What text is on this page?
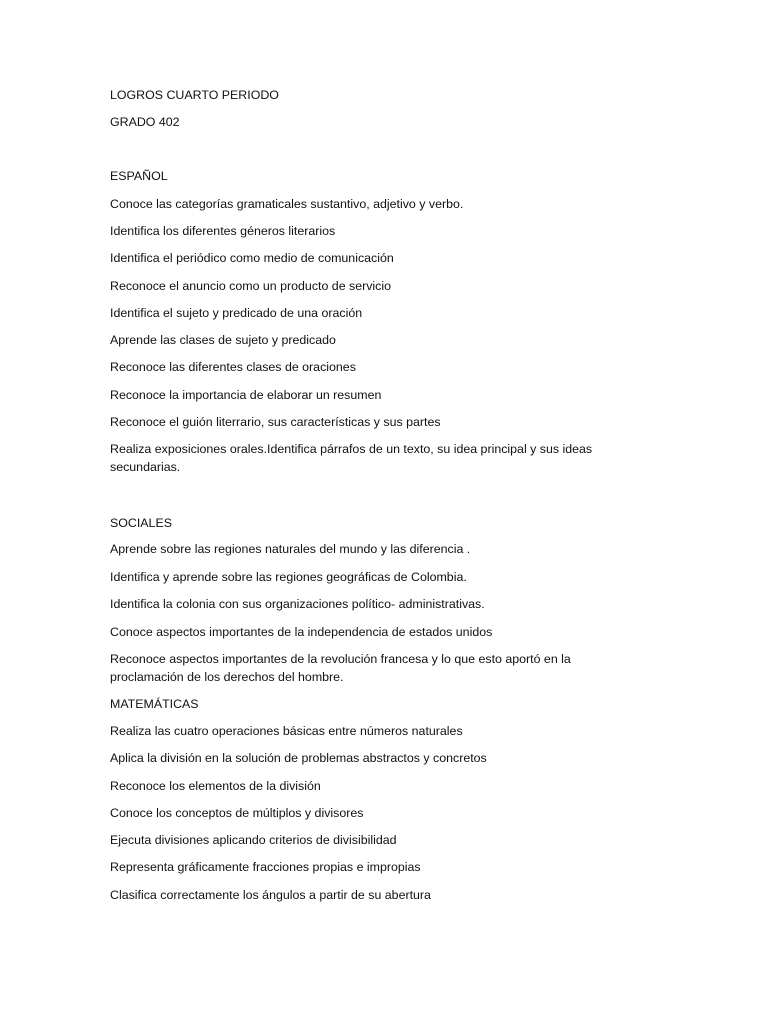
LOGROS CUARTO PERIODO
GRADO 402
ESPAÑOL
Conoce las categorías gramaticales sustantivo, adjetivo y verbo.
Identifica los diferentes géneros literarios
Identifica el periódico como medio de comunicación
Reconoce el anuncio como un producto de servicio
Identifica el sujeto y predicado de una oración
Aprende las clases de sujeto y predicado
Reconoce las diferentes clases de oraciones
Reconoce la importancia de elaborar un resumen
Reconoce el guión literrario, sus características y sus partes
Realiza exposiciones orales.Identifica párrafos de un texto, su idea principal y sus ideas secundarias.
SOCIALES
Aprende sobre las regiones naturales del mundo y las diferencia .
Identifica y aprende sobre las regiones geográficas de Colombia.
Identifica la colonia con sus organizaciones político- administrativas.
Conoce aspectos importantes de la independencia de estados unidos
Reconoce aspectos importantes de la revolución francesa y lo que esto aportó en la proclamación de los derechos del hombre.
MATEMÁTICAS
Realiza las cuatro operaciones básicas entre números naturales
Aplica la división en la solución de problemas abstractos y concretos
Reconoce los elementos de la división
Conoce los conceptos de múltiplos y divisores
Ejecuta divisiones aplicando criterios de divisibilidad
Representa gráficamente fracciones propias e impropias
Clasifica correctamente los ángulos a partir de su abertura
